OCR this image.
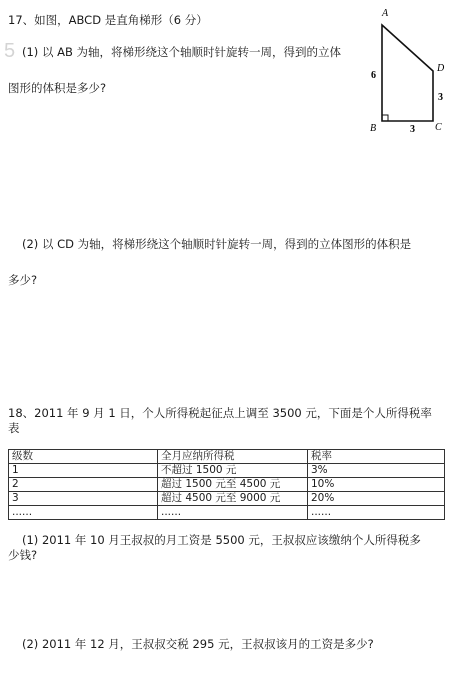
5
17、如图，ABCD 是直角梯形（6 分）
(1) 以 AB 为轴，将梯形绕这个轴顺时针旋转一周，得到的立体
图形的体积是多少?
A
D
B	C
6
3
3
(2) 以 CD 为轴，将梯形绕这个轴顺时针旋转一周，得到的立体图形的体积是
多少?
18、2011 年 9 月 1 日，个人所得税起征点上调至 3500 元，下面是个人所得税率
表
级数	全月应纳所得税	税率
1	不超过 1500 元	3%
2	超过 1500 元至 4500 元	10%
3	超过 4500 元至 9000 元	20%
......	......	......
(1) 2011 年 10 月王叔叔的月工资是 5500 元，王叔叔应该缴纳个人所得税多
少钱?
(2) 2011 年 12 月，王叔叔交税 295 元，王叔叔该月的工资是多少?
